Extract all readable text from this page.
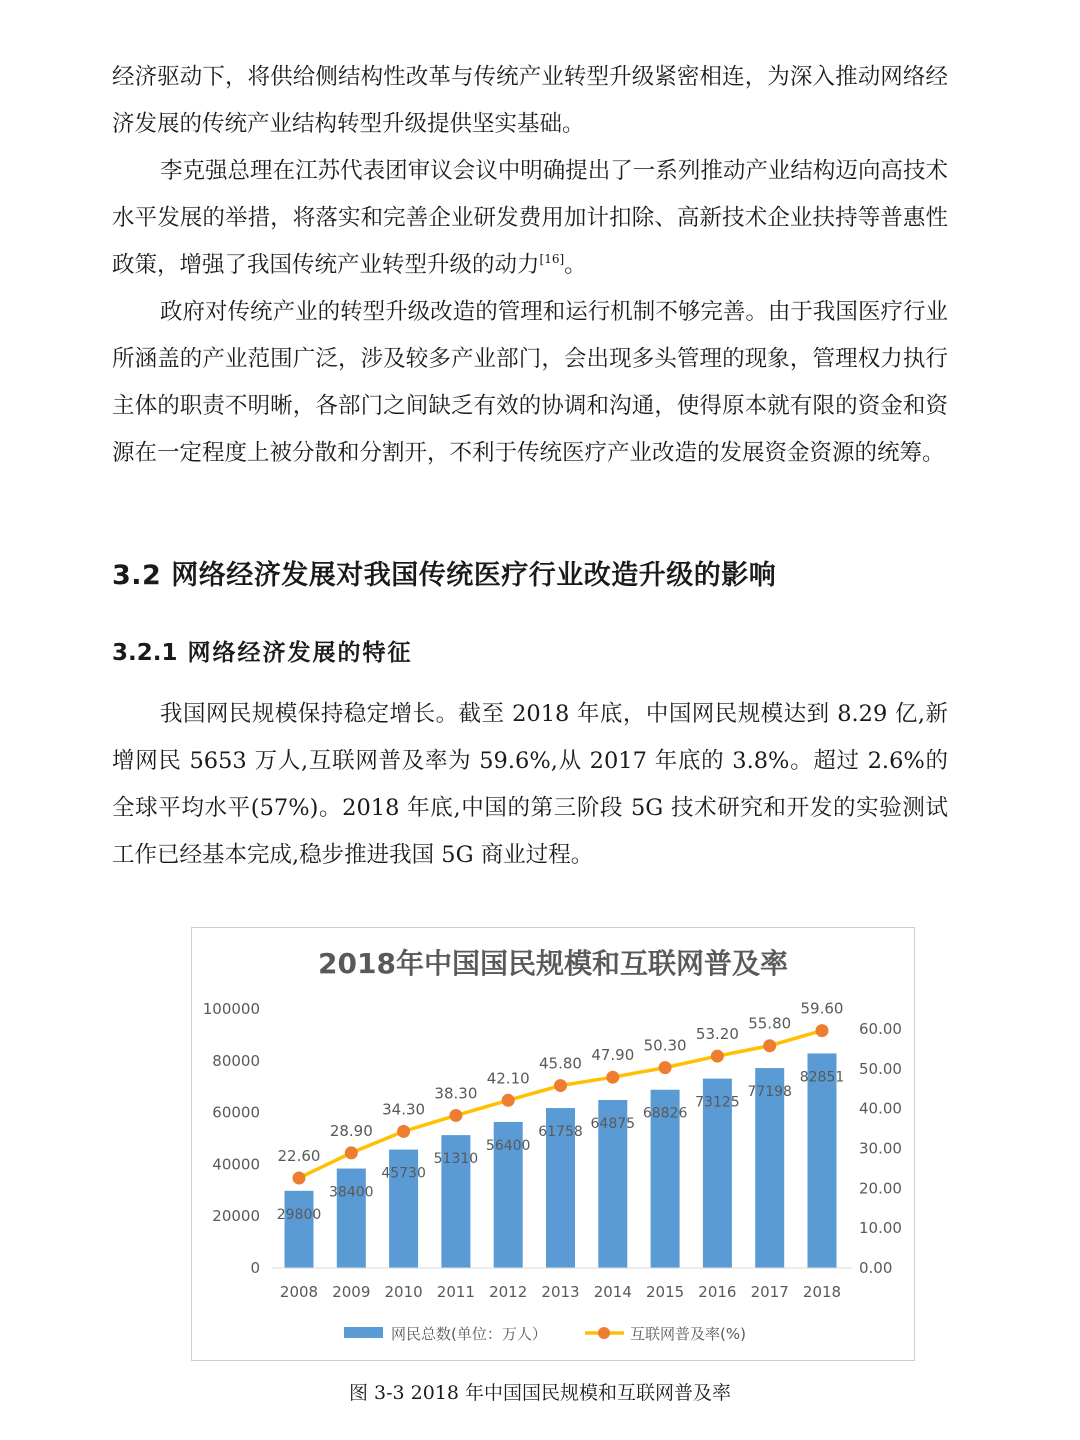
经济驱动下，将供给侧结构性改革与传统产业转型升级紧密相连，为深入推动网络经济发展的传统产业结构转型升级提供坚实基础。

李克强总理在江苏代表团审议会议中明确提出了一系列推动产业结构迈向高技术水平发展的举措，将落实和完善企业研发费用加计扣除、高新技术企业扶持等普惠性政策，增强了我国传统产业转型升级的动力[16]。

政府对传统产业的转型升级改造的管理和运行机制不够完善。由于我国医疗行业所涵盖的产业范围广泛，涉及较多产业部门，会出现多头管理的现象，管理权力执行主体的职责不明晰，各部门之间缺乏有效的协调和沟通，使得原本就有限的资金和资源在一定程度上被分散和分割开，不利于传统医疗产业改造的发展资金资源的统筹。

3.2 网络经济发展对我国传统医疗行业改造升级的影响
3.2.1 网络经济发展的特征

我国网民规模保持稳定增长。截至 2018 年底，中国网民规模达到 8.29 亿,新增网民 5653 万人,互联网普及率为 59.6%,从 2017 年底的 3.8%。超过 2.6%的全球平均水平(57%)。2018 年底,中国的第三阶段 5G 技术研究和开发的实验测试工作已经基本完成,稳步推进我国 5G 商业过程。

2018年中国国民规模和互联网普及率
0
20000
40000
60000
80000
100000
0.00
10.00
20.00
30.00
40.00
50.00
60.00
2008 2009 2010 2011 2012 2013 2014 2015 2016 2017 2018
29800
38400
45730
51310
56400
61758
64875
68826
73125
77198
82851
22.60
28.90
34.30
38.30
42.10
45.80 47.90
50.30
53.20
55.80
59.60
网民总数(单位：万人）	互联网普及率(%)

图 3-3 2018 年中国国民规模和互联网普及率
